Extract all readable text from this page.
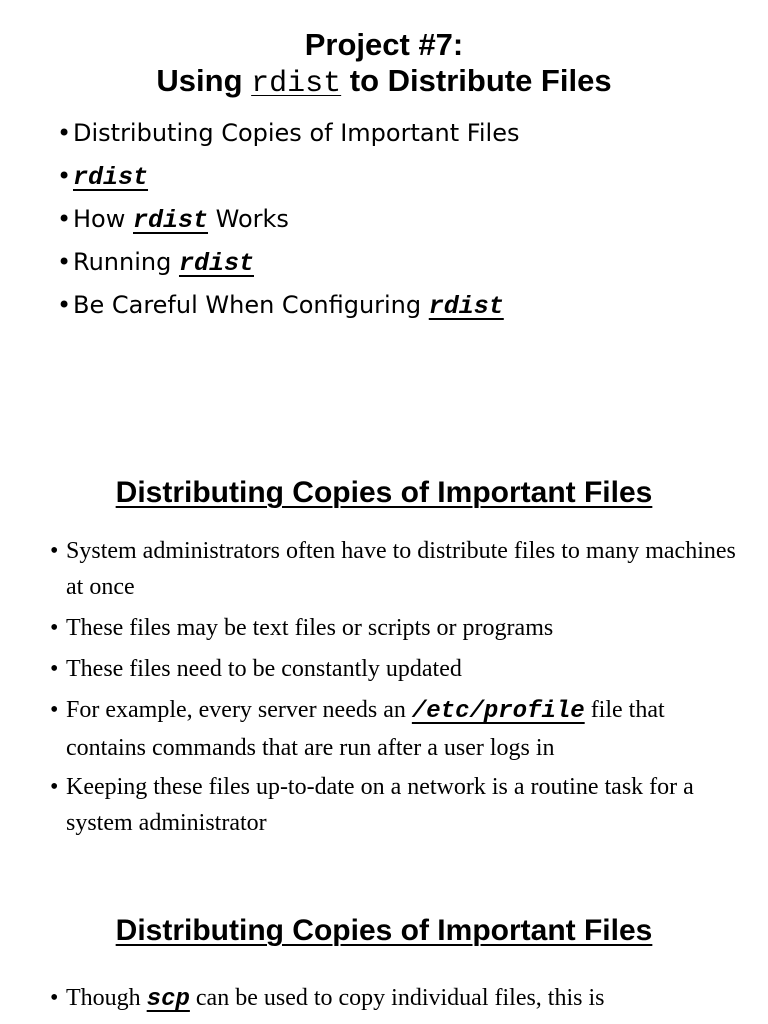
Project #7:
Using rdist to Distribute Files
• Distributing Copies of Important Files
• rdist
• How rdist Works
• Running rdist
• Be Careful When Configuring rdist
Distributing Copies of Important Files
• System administrators often have to distribute files to many machines at once
• These files may be text files or scripts or programs
• These files need to be constantly updated
• For example, every server needs an /etc/profile file that contains commands that are run after a user logs in
• Keeping these files up-to-date on a network is a routine task for a system administrator
Distributing Copies of Important Files
• Though scp can be used to copy individual files, this is
